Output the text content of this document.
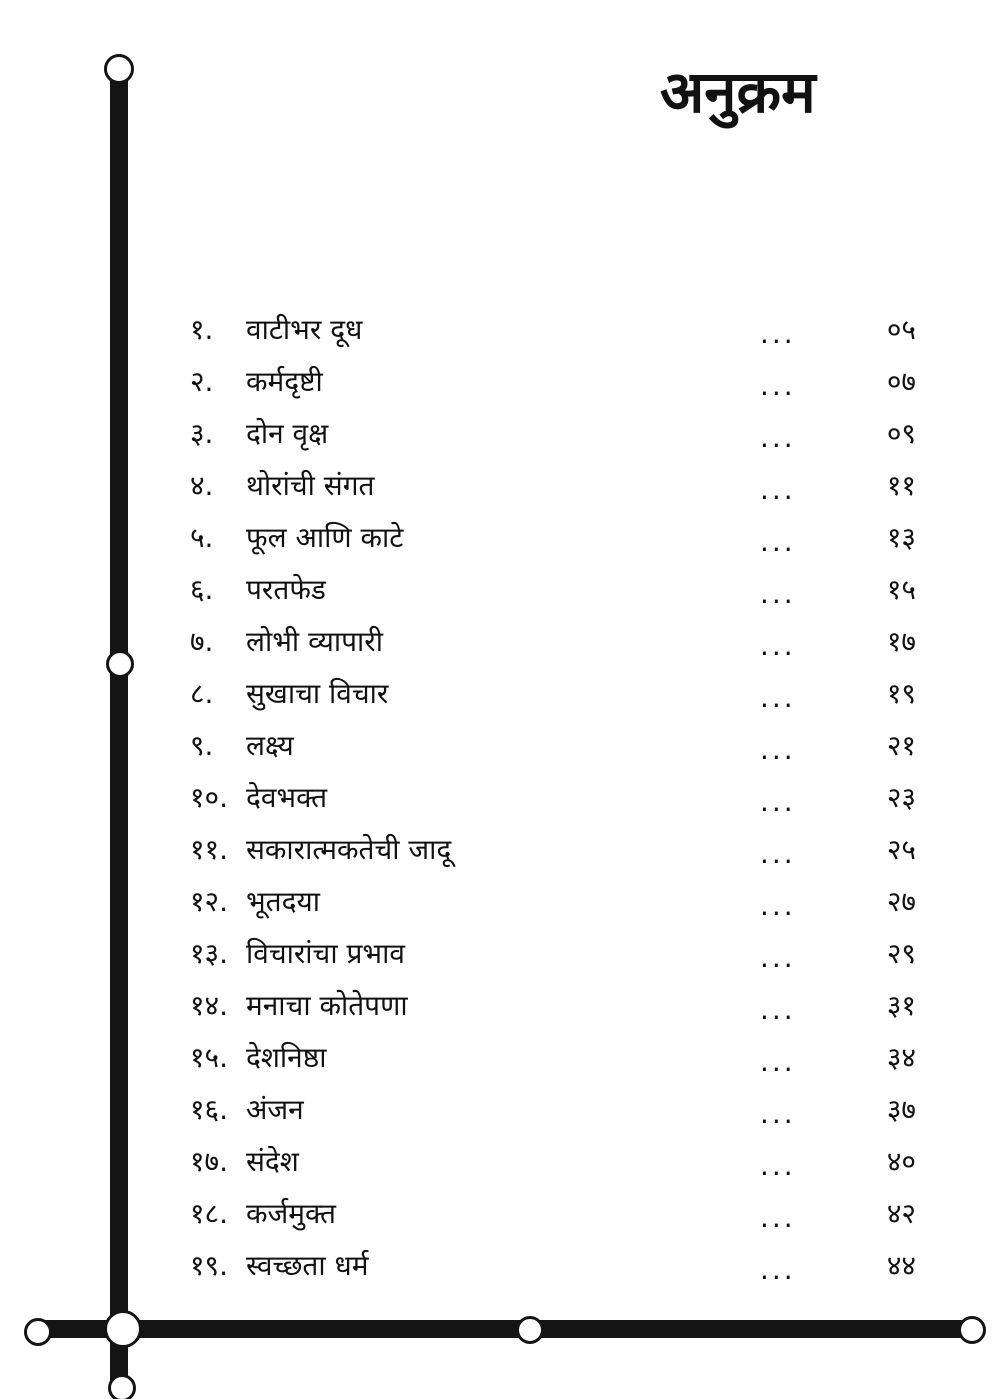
अनुक्रम
१. वाटीभर दूध	...	०५
२. कर्मदृष्टी	...	०७
३. दोन वृक्ष	...	०९
४. थोरांची संगत	...	११
५. फूल आणि काटे	...	१३
६. परतफेड	...	१५
७. लोभी व्यापारी	...	१७
८. सुखाचा विचार	...	१९
९. लक्ष्य	...	२१
१०. देवभक्त	...	२३
११. सकारात्मकतेची जादू	...	२५
१२. भूतदया	...	२७
१३. विचारांचा प्रभाव	...	२९
१४. मनाचा कोतेपणा	...	३१
१५. देशनिष्ठा	...	३४
१६. अंजन	...	३७
१७. संदेश	...	४०
१८. कर्जमुक्त	...	४२
१९. स्वच्छता धर्म	...	४४
